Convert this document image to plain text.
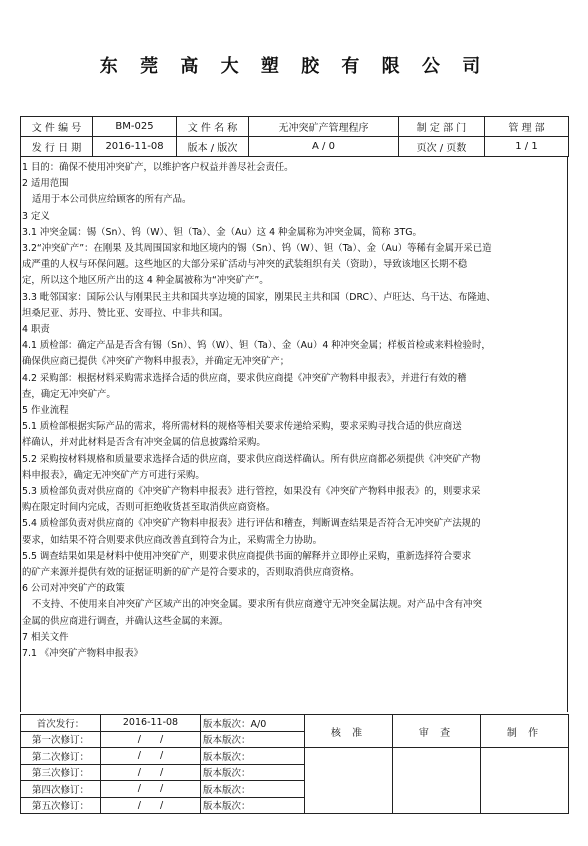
东 莞 高 大 塑 胶 有 限 公 司
文 件 编 号	BM-025	文 件 名 称	无冲突矿产管理程序	制 定 部 门	管 理 部
发 行 日 期	2016-11-08	版本 / 版次	A / 0	页次 / 页数	1 / 1

1 目的：确保不使用冲突矿产，以维护客户权益并善尽社会责任。

2 适用范围

适用于本公司供应给顾客的所有产品。

3 定义

3.1 冲突金属：锡（Sn）、钨（W）、钽（Ta）、金（Au）这 4 种金属称为冲突金属，简称 3TG。

3.2“冲突矿产”：在刚果 及其周围国家和地区境内的锡（Sn）、钨（W）、钽（Ta）、金（Au）等稀有金属开采已造

成严重的人权与环保问题。这些地区的大部分采矿活动与冲突的武装组织有关（资助），导致该地区长期不稳

定，所以这个地区所产出的这 4 种金属被称为“冲突矿产”。

3.3 毗邻国家：国际公认与刚果民主共和国共享边境的国家，刚果民主共和国（DRC）、卢旺达、乌干达、布隆迪、

坦桑尼亚、苏丹、赞比亚、安哥拉、中非共和国。

4 职责

4.1 质检部：确定产品是否含有锡（Sn）、钨（W）、钽（Ta）、金（Au）4 种冲突金属；样板首检或来料检验时，

确保供应商已提供《冲突矿产物料申报表》，并确定无冲突矿产；

4.2 采购部：根据材料采购需求选择合适的供应商，要求供应商提《冲突矿产物料申报表》，并进行有效的稽

查，确定无冲突矿产。

5 作业流程

5.1 质检部根据实际产品的需求，将所需材料的规格等相关要求传递给采购，要求采购寻找合适的供应商送

样确认，并对此材料是否含有冲突金属的信息披露给采购。

5.2 采购按材料规格和质量要求选择合适的供应商，要求供应商送样确认。所有供应商都必须提供《冲突矿产物

料申报表》，确定无冲突矿产方可进行采购。

5.3 质检部负责对供应商的《冲突矿产物料申报表》进行管控，如果没有《冲突矿产物料申报表》的，则要求采

购在限定时间内完成，否则可拒绝收货甚至取消供应商资格。

5.4 质检部负责对供应商的《冲突矿产物料申报表》进行评估和稽查，判断调查结果是否符合无冲突矿产法规的

要求，如结果不符合则要求供应商改善直到符合为止，采购需全力协助。

5.5 调查结果如果是材料中使用冲突矿产，则要求供应商提供书面的解释并立即停止采购，重新选择符合要求

的矿产来源并提供有效的证据证明新的矿产是符合要求的，否则取消供应商资格。

6 公司对冲突矿产的政策

不支持、不使用来自冲突矿产区域产出的冲突金属。要求所有供应商遵守无冲突金属法规。对产品中含有冲突

金属的供应商进行调查，并确认这些金属的来源。

7 相关文件

7.1 《冲突矿产物料申报表》

首次发行：	2016-11-08	版本版次：A/0	核 准	审 查	制 作
第一次修订：	/ /	版本版次：			
第二次修订：	/ /	版本版次：			
第三次修订：	/ /	版本版次：			
第四次修订：	/ /	版本版次：			
第五次修订：	/ /	版本版次：			
